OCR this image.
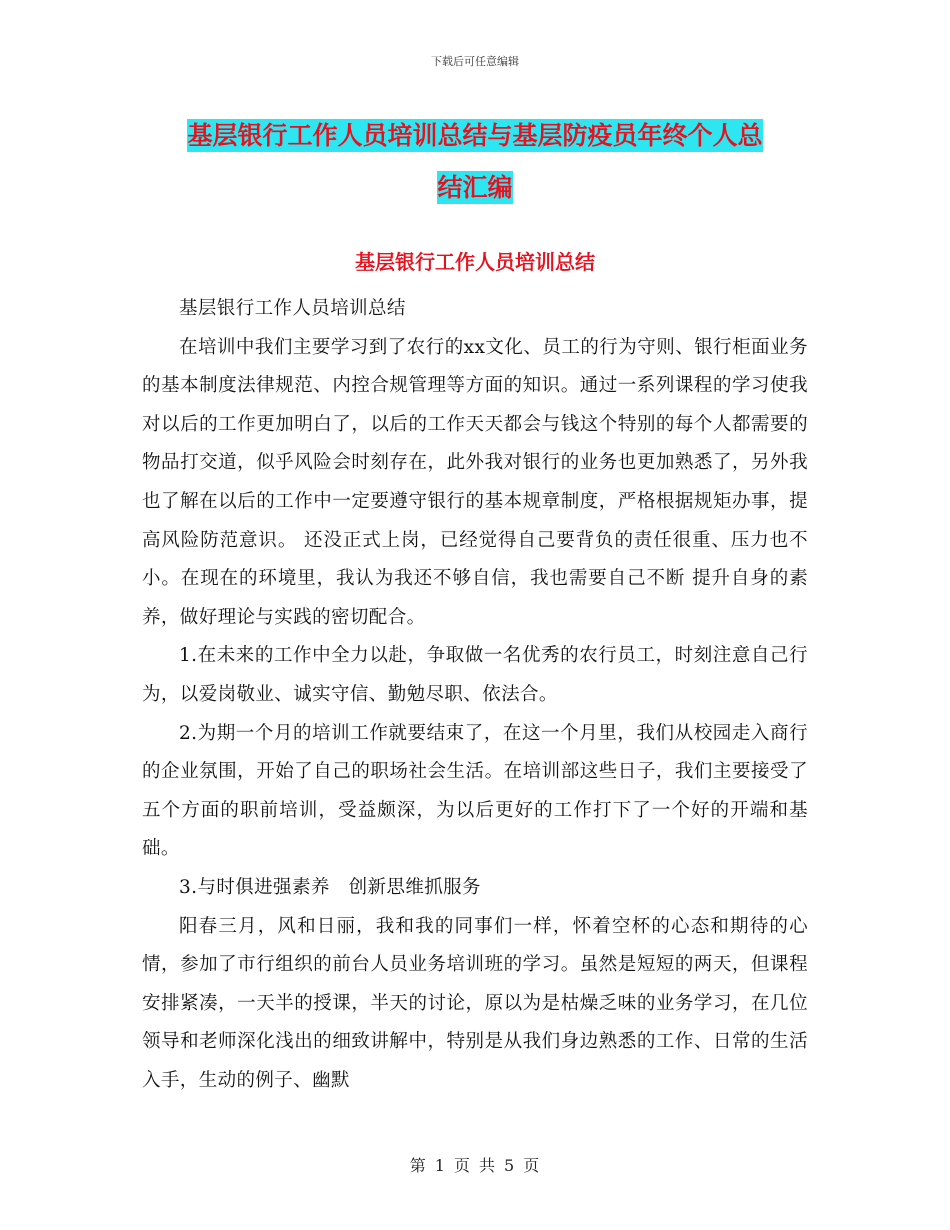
下载后可任意编辑
基层银行工作人员培训总结与基层防疫员年终个人总
结汇编
基层银行工作人员培训总结

基层银行工作人员培训总结

在培训中我们主要学习到了农行的xx文化、员工的行为守则、银行柜面业务的基本制度法律规范、内控合规管理等方面的知识。通过一系列课程的学习使我对以后的工作更加明白了，以后的工作天天都会与钱这个特别的每个人都需要的物品打交道，似乎风险会时刻存在，此外我对银行的业务也更加熟悉了，另外我也了解在以后的工作中一定要遵守银行的基本规章制度，严格根据规矩办事，提高风险防范意识。 还没正式上岗，已经觉得自己要背负的责任很重、压力也不小。在现在的环境里，我认为我还不够自信，我也需要自己不断 提升自身的素养，做好理论与实践的密切配合。

1.在未来的工作中全力以赴，争取做一名优秀的农行员工，时刻注意自己行为，以爱岗敬业、诚实守信、勤勉尽职、依法合。

2.为期一个月的培训工作就要结束了，在这一个月里，我们从校园走入商行的企业氛围，开始了自己的职场社会生活。在培训部这些日子，我们主要接受了五个方面的职前培训，受益颇深，为以后更好的工作打下了一个好的开端和基础。

3.与时俱进强素养　创新思维抓服务

阳春三月，风和日丽，我和我的同事们一样，怀着空杯的心态和期待的心情，参加了市行组织的前台人员业务培训班的学习。虽然是短短的两天，但课程安排紧凑，一天半的授课，半天的讨论，原以为是枯燥乏味的业务学习，在几位领导和老师深化浅出的细致讲解中，特别是从我们身边熟悉的工作、日常的生活入手，生动的例子、幽默

第 1 页 共 5 页
